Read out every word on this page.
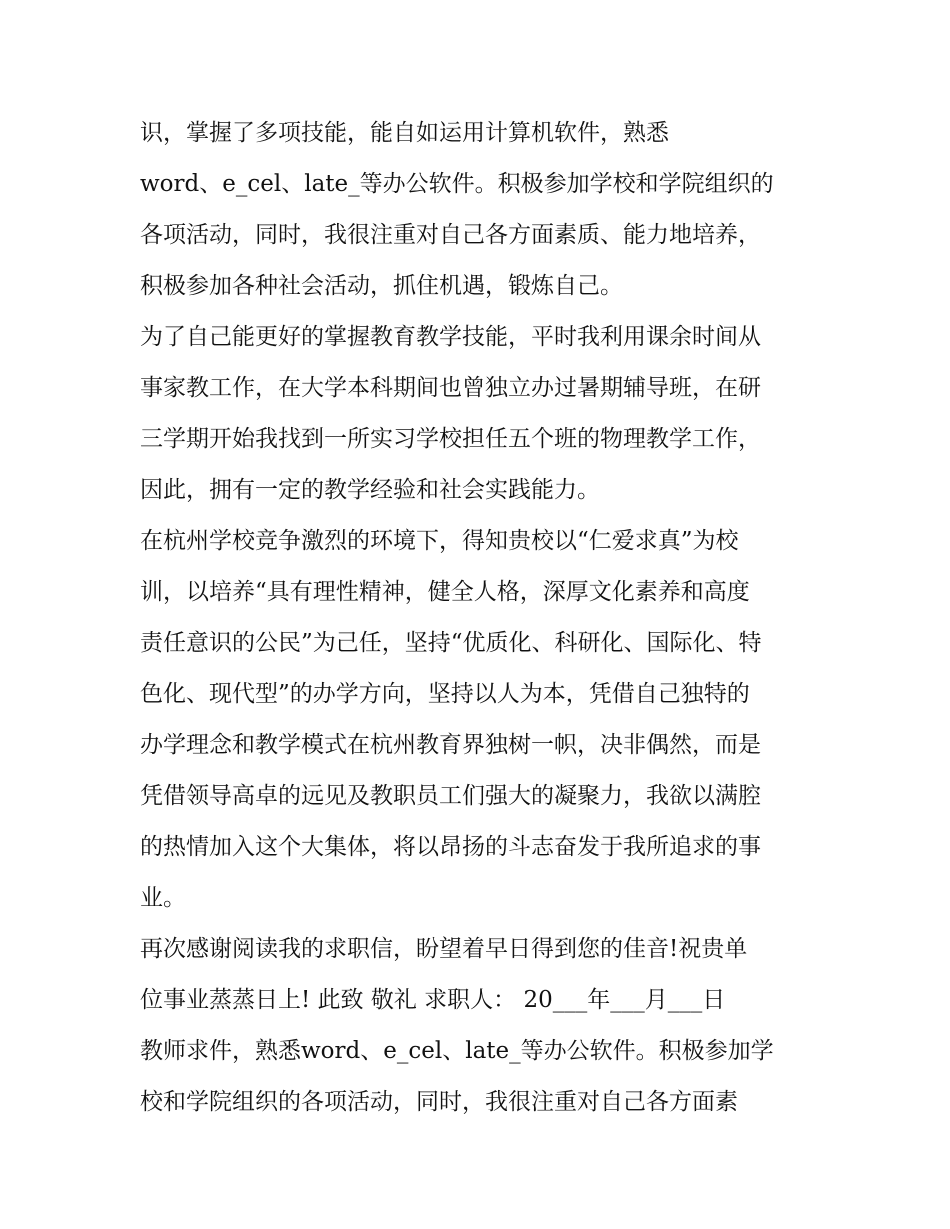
识，掌握了多项技能，能自如运用计算机软件，熟悉
word、e_cel、late_等办公软件。积极参加学校和学院组织的
各项活动，同时，我很注重对自己各方面素质、能力地培养，
积极参加各种社会活动，抓住机遇，锻炼自己。
为了自己能更好的掌握教育教学技能，平时我利用课余时间从
事家教工作，在大学本科期间也曾独立办过暑期辅导班，在研
三学期开始我找到一所实习学校担任五个班的物理教学工作，
因此，拥有一定的教学经验和社会实践能力。
在杭州学校竞争激烈的环境下，得知贵校以“仁爱求真”为校
训，以培养“具有理性精神，健全人格，深厚文化素养和高度
责任意识的公民”为己任，坚持“优质化、科研化、国际化、特
色化、现代型”的办学方向，坚持以人为本，凭借自己独特的
办学理念和教学模式在杭州教育界独树一帜，决非偶然，而是
凭借领导高卓的远见及教职员工们强大的凝聚力，我欲以满腔
的热情加入这个大集体，将以昂扬的斗志奋发于我所追求的事
业。
再次感谢阅读我的求职信，盼望着早日得到您的佳音!祝贵单
位事业蒸蒸日上! 此致 敬礼 求职人： 20___年___月___日
教师求件，熟悉word、e_cel、late_等办公软件。积极参加学
校和学院组织的各项活动，同时，我很注重对自己各方面素
